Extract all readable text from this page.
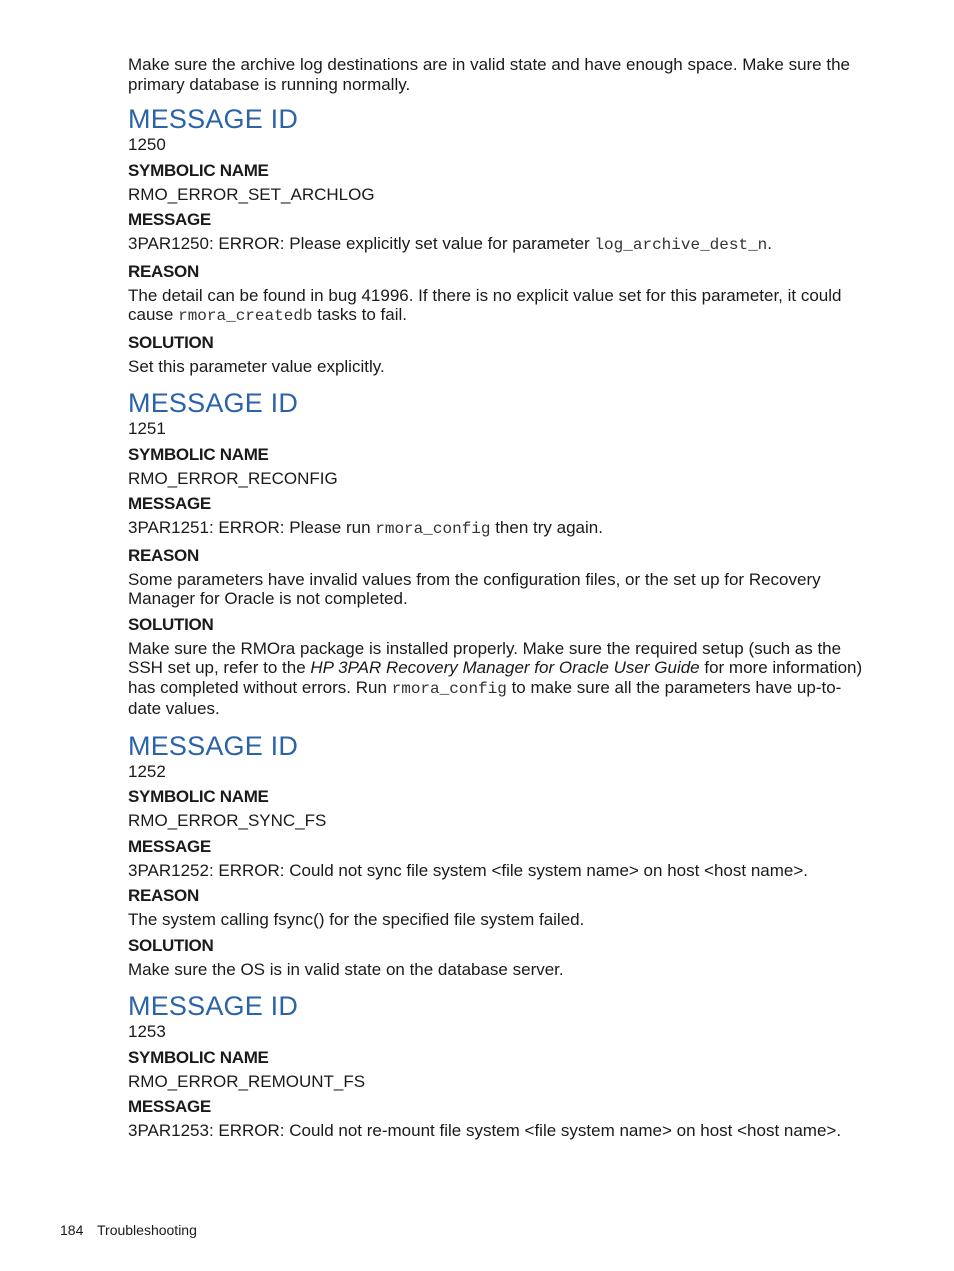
Make sure the archive log destinations are in valid state and have enough space. Make sure the primary database is running normally.

MESSAGE ID

1250

SYMBOLIC NAME

RMO_ERROR_SET_ARCHLOG

MESSAGE

3PAR1250: ERROR: Please explicitly set value for parameter log_archive_dest_n.

REASON

The detail can be found in bug 41996. If there is no explicit value set for this parameter, it could cause rmora_createdb tasks to fail.

SOLUTION

Set this parameter value explicitly.

MESSAGE ID

1251

SYMBOLIC NAME

RMO_ERROR_RECONFIG

MESSAGE

3PAR1251: ERROR: Please run rmora_config then try again.

REASON

Some parameters have invalid values from the configuration files, or the set up for Recovery Manager for Oracle is not completed.

SOLUTION

Make sure the RMOra package is installed properly. Make sure the required setup (such as the SSH set up, refer to the HP 3PAR Recovery Manager for Oracle User Guide for more information) has completed without errors. Run rmora_config to make sure all the parameters have up-to-date values.

MESSAGE ID

1252

SYMBOLIC NAME

RMO_ERROR_SYNC_FS

MESSAGE

3PAR1252: ERROR: Could not sync file system <file system name> on host <host name>.

REASON

The system calling fsync() for the specified file system failed.

SOLUTION

Make sure the OS is in valid state on the database server.

MESSAGE ID

1253

SYMBOLIC NAME

RMO_ERROR_REMOUNT_FS

MESSAGE

3PAR1253: ERROR: Could not re-mount file system <file system name> on host <host name>.

184 Troubleshooting
